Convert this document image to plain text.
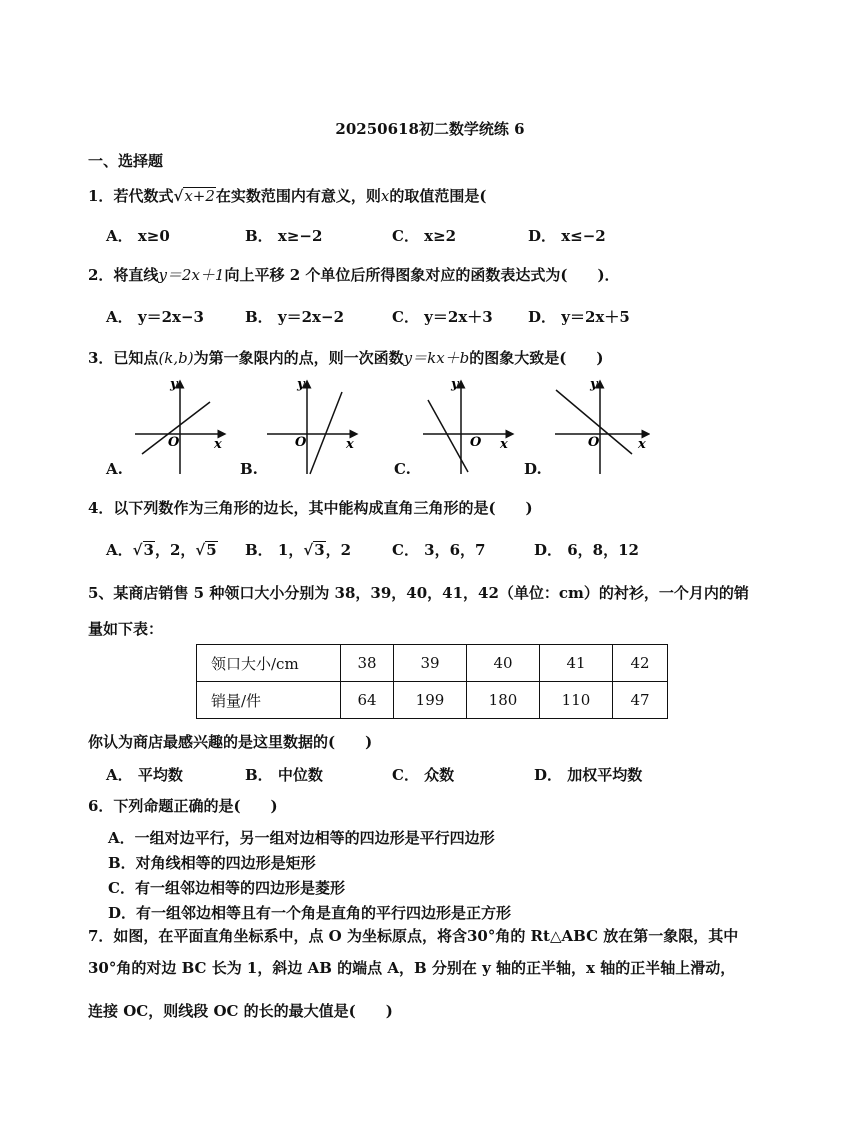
20250618初二数学统练 6
一、选择题
1．若代数式√x+2在实数范围内有意义，则x的取值范围是(
A． x≥0	B． x≥−2	C． x≥2	D． x≤−2
2．将直线y＝2x＋1向上平移 2 个单位后所得图象对应的函数表达式为(　　)．
A． y＝2x−3	B． y＝2x−2	C． y＝2x＋3 D． y＝2x＋5
3．已知点(k,b)为第一象限内的点，则一次函数y＝kx＋b的图象大致是(　　)
y
x
O
A.
y
x
O
B.
y
x
O
C.
y
x
O
D.
4．以下列数作为三角形的边长，其中能构成直角三角形的是(　　)
A．√3，2，√5 B． 1，√3，2	C． 3，6，7	D． 6，8，12
5、某商店销售 5 种领口大小分别为 38，39，40，41，42（单位：cm）的衬衫，一个月内的销
量如下表：
领口大小/cm	38	39	40	41	42
销量/件	64	199	180	110	47
你认为商店最感兴趣的是这里数据的(　　)
A． 平均数	B． 中位数	C． 众数	D． 加权平均数
6．下列命题正确的是(　　)
A．一组对边平行，另一组对边相等的四边形是平行四边形
B．对角线相等的四边形是矩形
C．有一组邻边相等的四边形是菱形
D．有一组邻边相等且有一个角是直角的平行四边形是正方形
7．如图，在平面直角坐标系中，点 O 为坐标原点，将含30°角的 Rt△ABC 放在第一象限，其中
30°角的对边 BC 长为 1，斜边 AB 的端点 A，B 分别在 y 轴的正半轴，x 轴的正半轴上滑动，
连接 OC，则线段 OC 的长的最大值是(　　)
